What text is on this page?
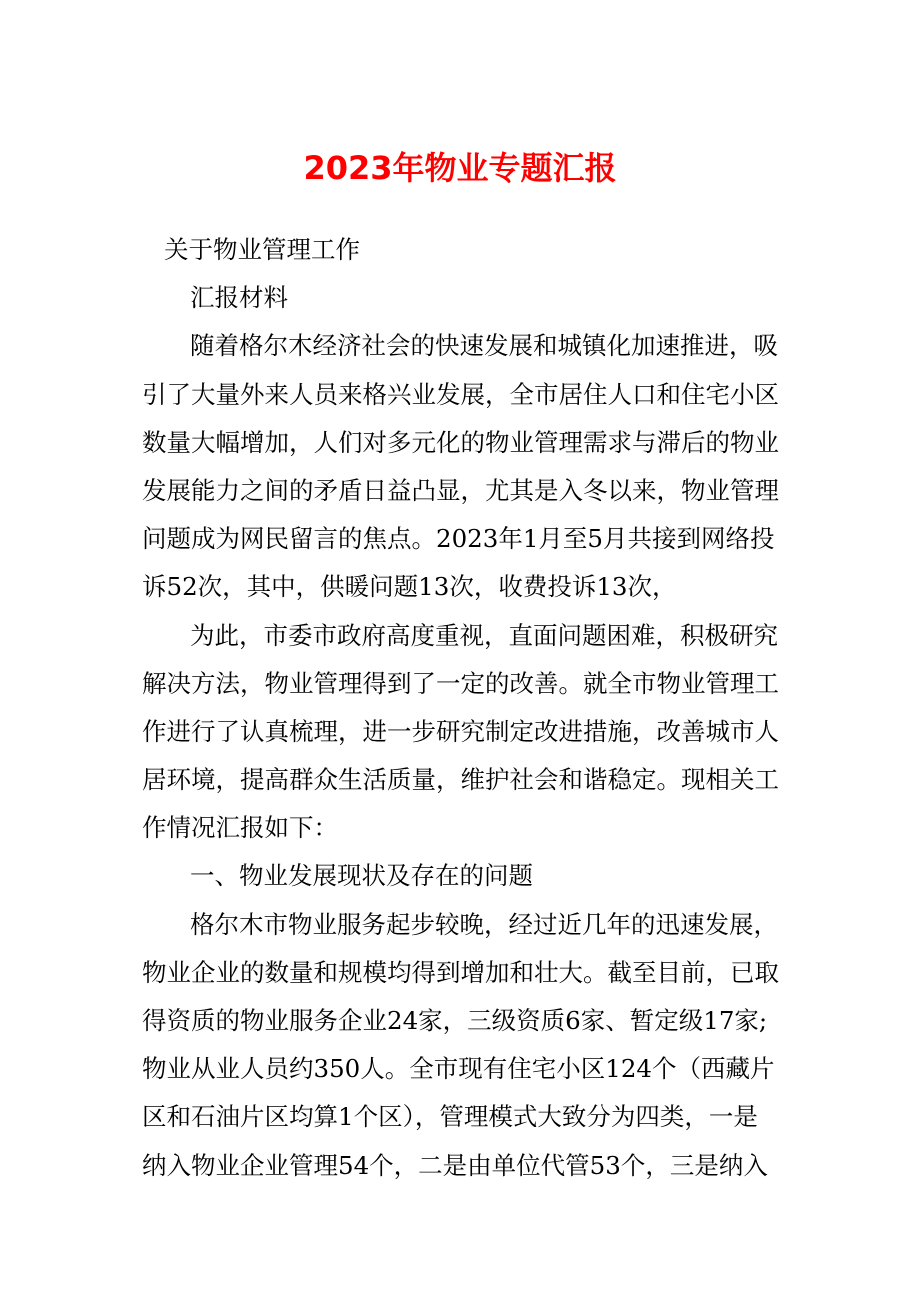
2023年物业专题汇报

关于物业管理工作

汇报材料

随着格尔木经济社会的快速发展和城镇化加速推进，吸

引了大量外来人员来格兴业发展，全市居住人口和住宅小区

数量大幅增加，人们对多元化的物业管理需求与滞后的物业

发展能力之间的矛盾日益凸显，尤其是入冬以来，物业管理

问题成为网民留言的焦点。2023年1月至5月共接到网络投

诉52次，其中，供暖问题13次，收费投诉13次，

为此，市委市政府高度重视，直面问题困难，积极研究

解决方法，物业管理得到了一定的改善。就全市物业管理工

作进行了认真梳理，进一步研究制定改进措施，改善城市人

居环境，提高群众生活质量，维护社会和谐稳定。现相关工

作情况汇报如下：

一、物业发展现状及存在的问题

格尔木市物业服务起步较晚，经过近几年的迅速发展，

物业企业的数量和规模均得到增加和壮大。截至目前，已取

得资质的物业服务企业24家，三级资质6家、暂定级17家;

物业从业人员约350人。全市现有住宅小区124个（西藏片

区和石油片区均算1个区），管理模式大致分为四类，一是

纳入物业企业管理54个，二是由单位代管53个，三是纳入
